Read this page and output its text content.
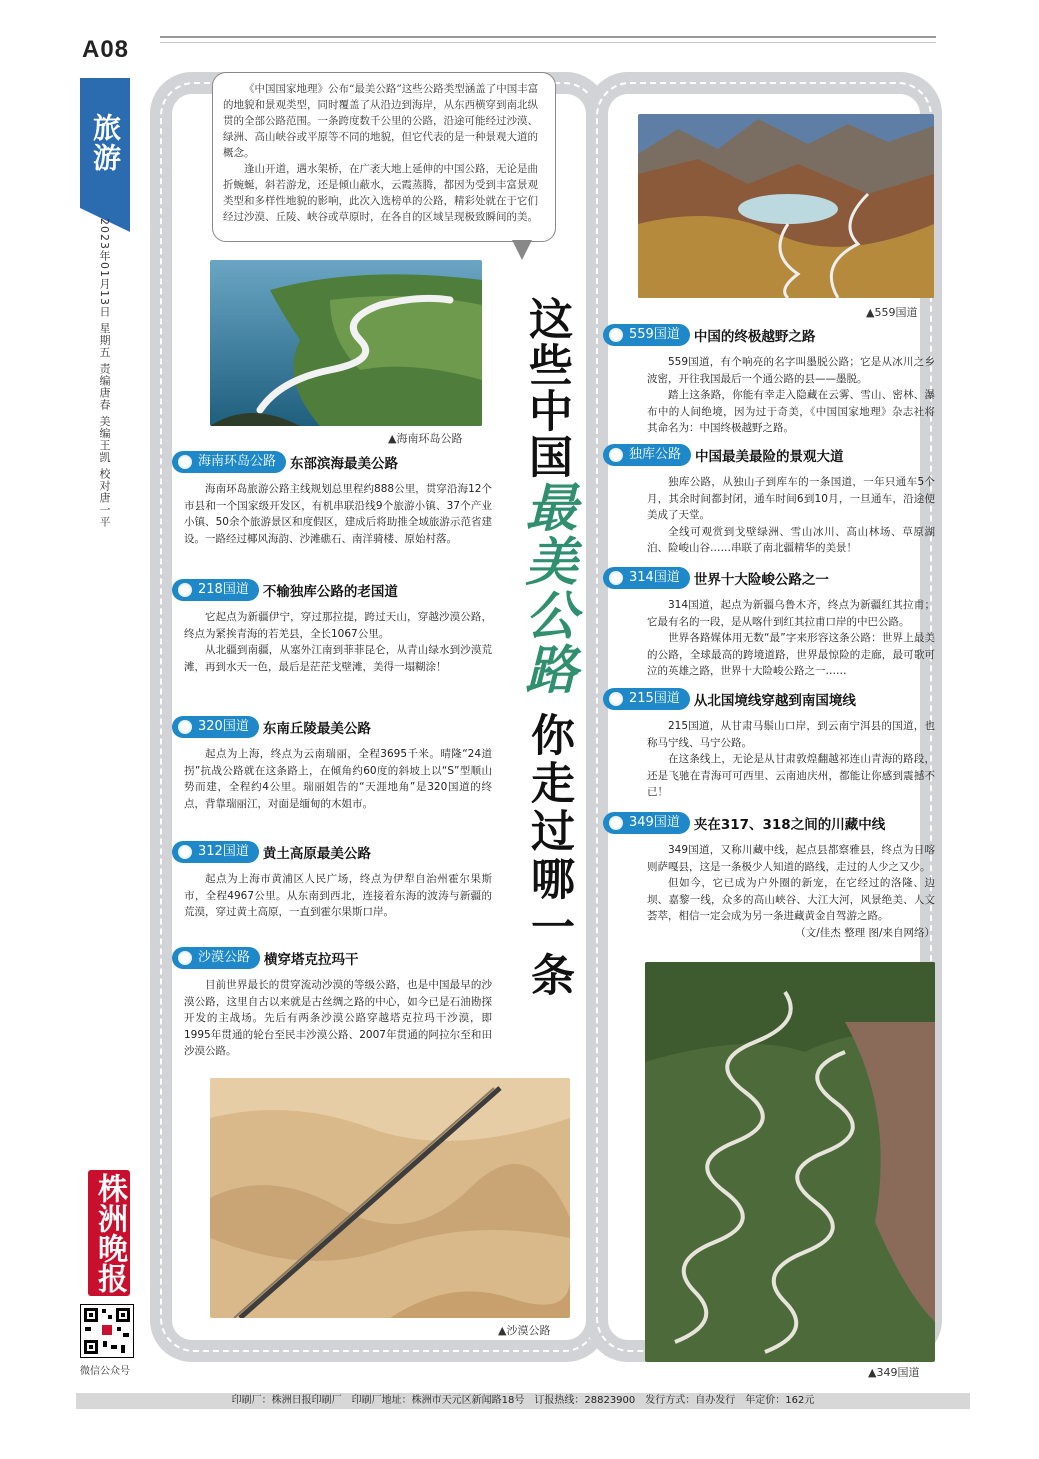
A08
旅游
2023年01月13日 星期五 责编唐春 美编王凯 校对唐一平

《中国国家地理》公布“最美公路”这些公路类型涵盖了中国丰富的地貌和景观类型，同时覆盖了从沿边到海岸，从东西横穿到南北纵贯的全部公路范围。一条跨度数千公里的公路，沿途可能经过沙漠、绿洲、高山峡谷或平原等不同的地貌，但它代表的是一种景观大道的概念。

逢山开道，遇水架桥，在广袤大地上延伸的中国公路，无论是曲折蜿蜒，斜若游龙，还是倾山蔽水，云霞蒸腾，都因为受到丰富景观类型和多样性地貌的影响，此次入选榜单的公路，精彩处就在于它们经过沙漠、丘陵、峡谷或草原时，在各自的区域呈现极致瞬间的美。

▲海南环岛公路
海南环岛公路 东部滨海最美公路

海南环岛旅游公路主线规划总里程约888公里，贯穿沿海12个市县和一个国家级开发区，有机串联沿线9个旅游小镇、37个产业小镇、50余个旅游景区和度假区，建成后将助推全域旅游示范省建设。一路经过椰风海韵、沙滩礁石、南洋骑楼、原始村落。

218国道 不输独库公路的老国道

它起点为新疆伊宁，穿过那拉提，跨过天山，穿越沙漠公路，终点为紧挨青海的若羌县，全长1067公里。

从北疆到南疆，从塞外江南到菲菲昆仑，从青山绿水到沙漠荒滩，再到水天一色，最后是茫茫戈壁滩，美得一塌糊涂！

320国道 东南丘陵最美公路

起点为上海，终点为云南瑞丽，全程3695千米。晴隆“24道拐”抗战公路就在这条路上，在倾角约60度的斜坡上以“S”型顺山势而建，全程约4公里。瑞丽姐告的“天涯地角”是320国道的终点，背靠瑞丽江，对面是缅甸的木姐市。

312国道 黄土高原最美公路

起点为上海市黄浦区人民广场，终点为伊犁自治州霍尔果斯市，全程4967公里。从东南到西北，连接着东海的波涛与新疆的荒漠，穿过黄土高原，一直到霍尔果斯口岸。

沙漠公路 横穿塔克拉玛干

目前世界最长的贯穿流动沙漠的等级公路，也是中国最早的沙漠公路，这里自古以来就是古丝绸之路的中心，如今已是石油勘探开发的主战场。先后有两条沙漠公路穿越塔克拉玛干沙漠，即1995年贯通的轮台至民丰沙漠公路、2007年贯通的阿拉尔至和田沙漠公路。

▲沙漠公路
这些中国最美公路
你走过哪一条
▲559国道
559国道 中国的终极越野之路

559国道，有个响亮的名字叫墨脱公路；它是从冰川之乡波密，开往我国最后一个通公路的县——墨脱。

踏上这条路，你能有幸走入隐藏在云雾、雪山、密林、瀑布中的人间绝境，因为过于奇美，《中国国家地理》杂志社将其命名为：中国终极越野之路。

独库公路 中国最美最险的景观大道

独库公路，从独山子到库车的一条国道，一年只通车5个月，其余时间都封闭，通车时间6到10月，一旦通车，沿途便美成了天堂。

全线可观赏到戈壁绿洲、雪山冰川、高山林场、草原湖泊、险峻山谷……串联了南北疆精华的美景！

314国道 世界十大险峻公路之一

314国道，起点为新疆乌鲁木齐，终点为新疆红其拉甫；它最有名的一段，是从喀什到红其拉甫口岸的中巴公路。

世界各路媒体用无数“最”字来形容这条公路：世界上最美的公路，全球最高的跨境道路，世界最惊险的走廊，最可歌可泣的英雄之路，世界十大险峻公路之一……

215国道 从北国境线穿越到南国境线

215国道，从甘肃马鬃山口岸，到云南宁洱县的国道，也称马宁线、马宁公路。

在这条线上，无论是从甘肃敦煌翻越祁连山青海的路段，还是飞驰在青海可可西里、云南迪庆州，都能让你感到震撼不已！

349国道 夹在317、318之间的川藏中线

349国道，又称川藏中线，起点县都察雅县，终点为日喀则萨嘎县，这是一条极少人知道的路线，走过的人少之又少。

但如今，它已成为户外圈的新宠，在它经过的洛隆、边坝、嘉黎一线，众多的高山峡谷、大江大河，风景绝美、人文荟萃，相信一定会成为另一条进藏黄金自驾游之路。

（文/佳杰 整理 图/来自网络）
▲349国道
株洲晚报
微信公众号
印刷厂：株洲日报印刷厂　印刷厂地址：株洲市天元区新闻路18号　订报热线：28823900　发行方式：自办发行　年定价：162元
